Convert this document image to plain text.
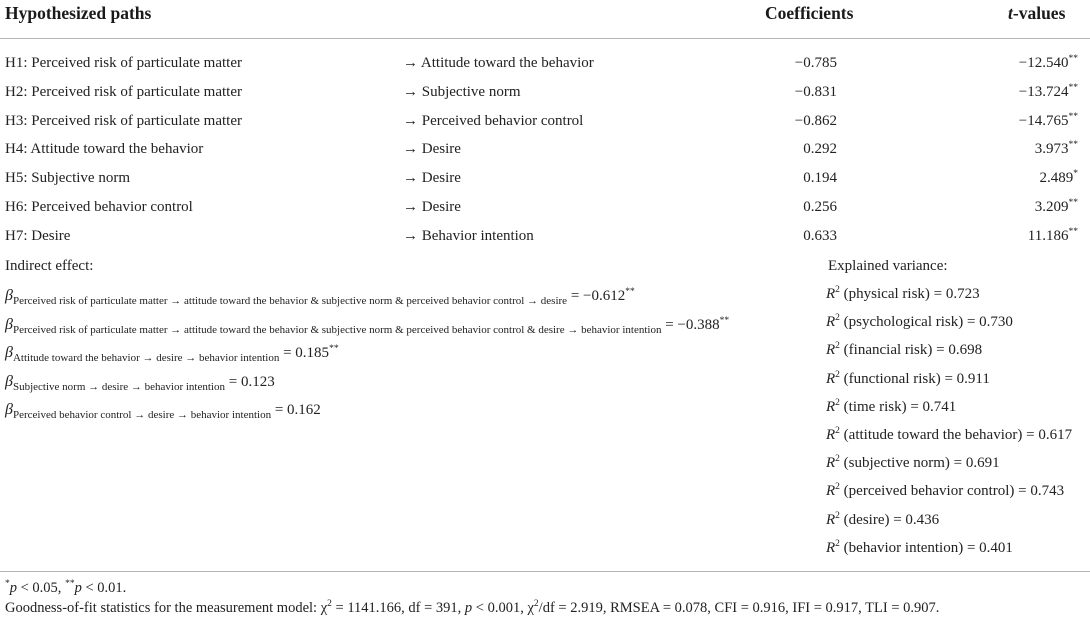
Hypothesized paths	Coefficients	t-values
H1: Perceived risk of particulate matter	→ Attitude toward the behavior	−0.785	−12.540**
H2: Perceived risk of particulate matter	→ Subjective norm	−0.831	−13.724**
H3: Perceived risk of particulate matter	→ Perceived behavior control	−0.862	−14.765**
H4: Attitude toward the behavior	→ Desire	0.292	3.973**
H5: Subjective norm	→ Desire	0.194	2.489*
H6: Perceived behavior control	→ Desire	0.256	3.209**
H7: Desire	→ Behavior intention	0.633	11.186**
Indirect effect:	Explained variance:
$\beta_{Perceived risk of particulate matter \to attitude toward the behavior \& subjective norm \& perceived behavior control \to desire} = -0.612^{**}$
$\beta_{Perceived risk of particulate matter \to attitude toward the behavior \& subjective norm \& perceived behavior control \& desire \to behavior intention} = -0.388^{**}$
$\beta_{Attitude toward the behavior \to desire \to behavior intention} = 0.185^{**}$
$\beta_{Subjective norm \to desire \to behavior intention} = 0.123$
$\beta_{Perceived behavior control \to desire \to behavior intention} = 0.162$
$R^2$ (physical risk) = 0.723
$R^2$ (psychological risk) = 0.730
$R^2$ (financial risk) = 0.698
$R^2$ (functional risk) = 0.911
$R^2$ (time risk) = 0.741
$R^2$ (attitude toward the behavior) = 0.617
$R^2$ (subjective norm) = 0.691
$R^2$ (perceived behavior control) = 0.743
$R^2$ (desire) = 0.436
$R^2$ (behavior intention) = 0.401
*p < 0.05, **p < 0.01.
Goodness-of-fit statistics for the measurement model: $\chi^2 = 1141.166$, df = 391, p < 0.001, $\chi^2/df = 2.919$, RMSEA = 0.078, CFI = 0.916, IFI = 0.917, TLI = 0.907.
